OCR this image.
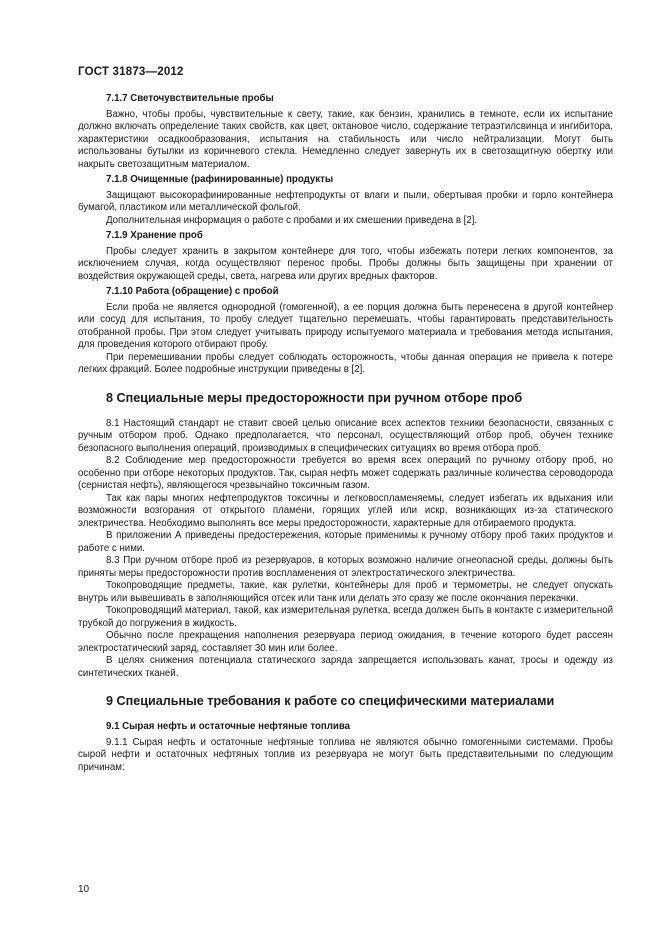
ГОСТ 31873—2012
7.1.7 Светочувствительные пробы

Важно, чтобы пробы, чувствительные к свету, такие, как бензин, хранились в темноте, если их испытание должно включать определение таких свойств, как цвет, октановое число, содержание тетраэтилсвинца и ингибитора, характеристики осадкообразования, испытания на стабильность или число нейтрализации. Могут быть использованы бутылки из коричневого стекла. Немедленно следует завернуть их в светозащитную обертку или накрыть светозащитным материалом.

7.1.8 Очищенные (рафинированные) продукты

Защищают высокорафинированные нефтепродукты от влаги и пыли, обертывая пробки и горло контейнера бумагой, пластиком или металлической фольгой.

Дополнительная информация о работе с пробами и их смешении приведена в [2].

7.1.9 Хранение проб

Пробы следует хранить в закрытом контейнере для того, чтобы избежать потери легких компонентов, за исключением случая, когда осуществляют перенос пробы. Пробы должны быть защищены при хранении от воздействия окружающей среды, света, нагрева или других вредных факторов.

7.1.10 Работа (обращение) с пробой

Если проба не является однородной (гомогенной), а ее порция должна быть перенесена в другой контейнер или сосуд для испытания, то пробу следует тщательно перемешать, чтобы гарантировать представительность отобранной пробы. При этом следует учитывать природу испытуемого материала и требования метода испытания, для проведения которого отбирают пробу.

При перемешивании пробы следует соблюдать осторожность, чтобы данная операция не привела к потере легких фракций. Более подробные инструкции приведены в [2].

8 Специальные меры предосторожности при ручном отборе проб

8.1 Настоящий стандарт не ставит своей целью описание всех аспектов техники безопасности, связанных с ручным отбором проб. Однако предполагается, что персонал, осуществляющий отбор проб, обучен технике безопасного выполнения операций, производимых в специфических ситуациях во время отбора проб.

8.2 Соблюдение мер предосторожности требуется во время всех операций по ручному отбору проб, но особенно при отборе некоторых продуктов. Так, сырая нефть может содержать различные количества сероводорода (сернистая нефть), являющегося чрезвычайно токсичным газом.

Так как пары многих нефтепродуктов токсичны и легковоспламеняемы, следует избегать их вдыхания или возможности возгорания от открытого пламени, горящих углей или искр, возникающих из-за статического электричества. Необходимо выполнять все меры предосторожности, характерные для отбираемого продукта.

В приложении А приведены предостережения, которые применимы к ручному отбору проб таких продуктов и работе с ними.

8.3 При ручном отборе проб из резервуаров, в которых возможно наличие огнеопасной среды, должны быть приняты меры предосторожности против воспламенения от электростатического электричества.

Токопроводящие предметы, такие, как рулетки, контейнеры для проб и термометры, не следует опускать внутрь или вывешивать в заполняющийся отсек или танк или делать это сразу же после окончания перекачки.

Токопроводящий материал, такой, как измерительная рулетка, всегда должен быть в контакте с измерительной трубкой до погружения в жидкость.

Обычно после прекращения наполнения резервуара период ожидания, в течение которого будет рассеян электростатический заряд, составляет 30 мин или более.

В целях снижения потенциала статического заряда запрещается использовать канат, тросы и одежду из синтетических тканей.

9 Специальные требования к работе со специфическими материалами
9.1 Сырая нефть и остаточные нефтяные топлива

9.1.1 Сырая нефть и остаточные нефтяные топлива не являются обычно гомогенными системами. Пробы сырой нефти и остаточных нефтяных топлив из резервуара не могут быть представительными по следующим причинам:

10
